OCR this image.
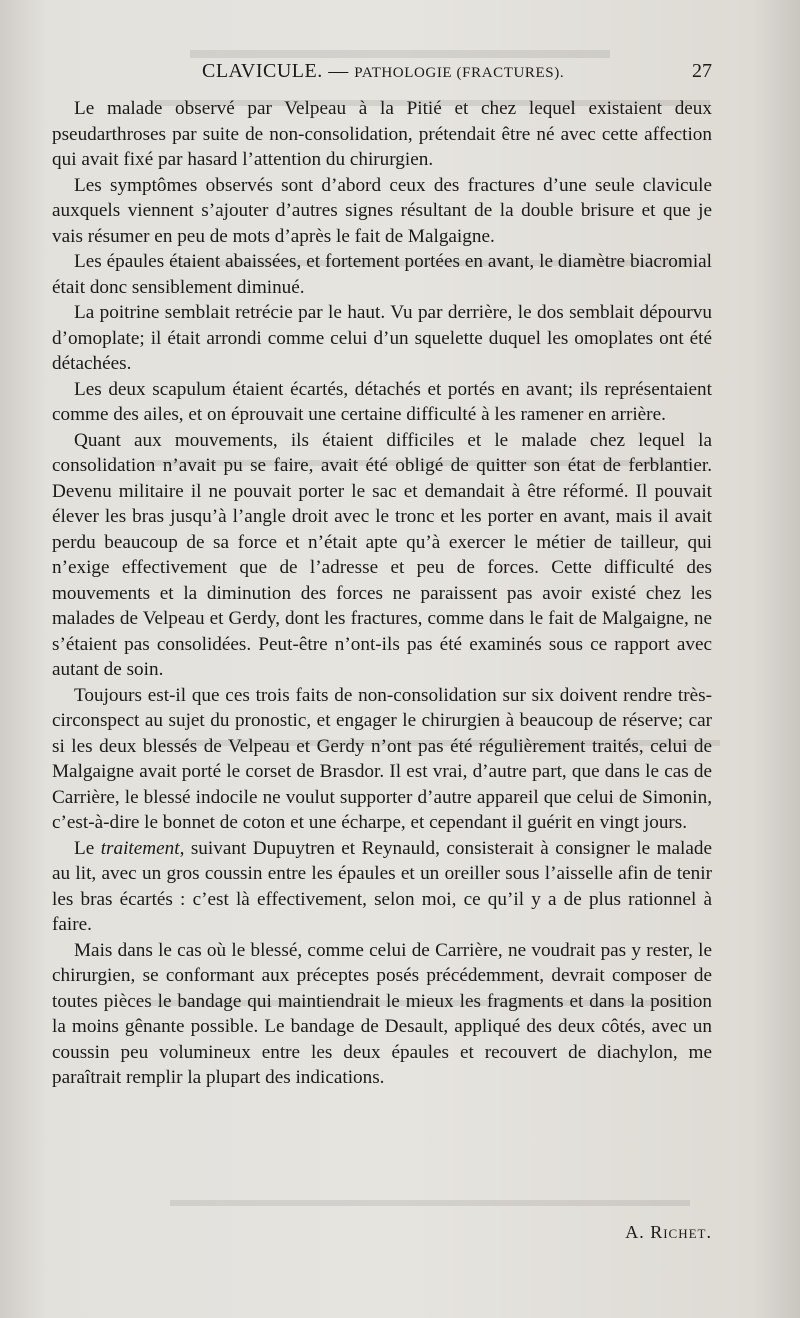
CLAVICULE. — PATHOLOGIE (FRACTURES).	27

Le malade observé par Velpeau à la Pitié et chez lequel existaient deux pseudarthroses par suite de non-consolidation, prétendait être né avec cette affection qui avait fixé par hasard l’attention du chirurgien.

Les symptômes observés sont d’abord ceux des fractures d’une seule clavicule auxquels viennent s’ajouter d’autres signes résultant de la double brisure et que je vais résumer en peu de mots d’après le fait de Malgaigne.

Les épaules étaient abaissées, et fortement portées en avant, le diamètre biacromial était donc sensiblement diminué.

La poitrine semblait retrécie par le haut. Vu par derrière, le dos semblait dépourvu d’omoplate; il était arrondi comme celui d’un squelette duquel les omoplates ont été détachées.

Les deux scapulum étaient écartés, détachés et portés en avant; ils représentaient comme des ailes, et on éprouvait une certaine difficulté à les ramener en arrière.

Quant aux mouvements, ils étaient difficiles et le malade chez lequel la consolidation n’avait pu se faire, avait été obligé de quitter son état de ferblantier. Devenu militaire il ne pouvait porter le sac et demandait à être réformé. Il pouvait élever les bras jusqu’à l’angle droit avec le tronc et les porter en avant, mais il avait perdu beaucoup de sa force et n’était apte qu’à exercer le métier de tailleur, qui n’exige effectivement que de l’adresse et peu de forces. Cette difficulté des mouvements et la diminution des forces ne paraissent pas avoir existé chez les malades de Velpeau et Gerdy, dont les fractures, comme dans le fait de Malgaigne, ne s’étaient pas consolidées. Peut-être n’ont-ils pas été examinés sous ce rapport avec autant de soin.

Toujours est-il que ces trois faits de non-consolidation sur six doivent rendre très-circonspect au sujet du pronostic, et engager le chirurgien à beaucoup de réserve; car si les deux blessés de Velpeau et Gerdy n’ont pas été régulièrement traités, celui de Malgaigne avait porté le corset de Brasdor. Il est vrai, d’autre part, que dans le cas de Carrière, le blessé indocile ne voulut supporter d’autre appareil que celui de Simonin, c’est-à-dire le bonnet de coton et une écharpe, et cependant il guérit en vingt jours.

Le traitement, suivant Dupuytren et Reynauld, consisterait à consigner le malade au lit, avec un gros coussin entre les épaules et un oreiller sous l’aisselle afin de tenir les bras écartés : c’est là effectivement, selon moi, ce qu’il y a de plus rationnel à faire.

Mais dans le cas où le blessé, comme celui de Carrière, ne voudrait pas y rester, le chirurgien, se conformant aux préceptes posés précédemment, devrait composer de toutes pièces le bandage qui maintiendrait le mieux les fragments et dans la position la moins gênante possible. Le bandage de Desault, appliqué des deux côtés, avec un coussin peu volumineux entre les deux épaules et recouvert de diachylon, me paraîtrait remplir la plupart des indications.

A. Richet.
